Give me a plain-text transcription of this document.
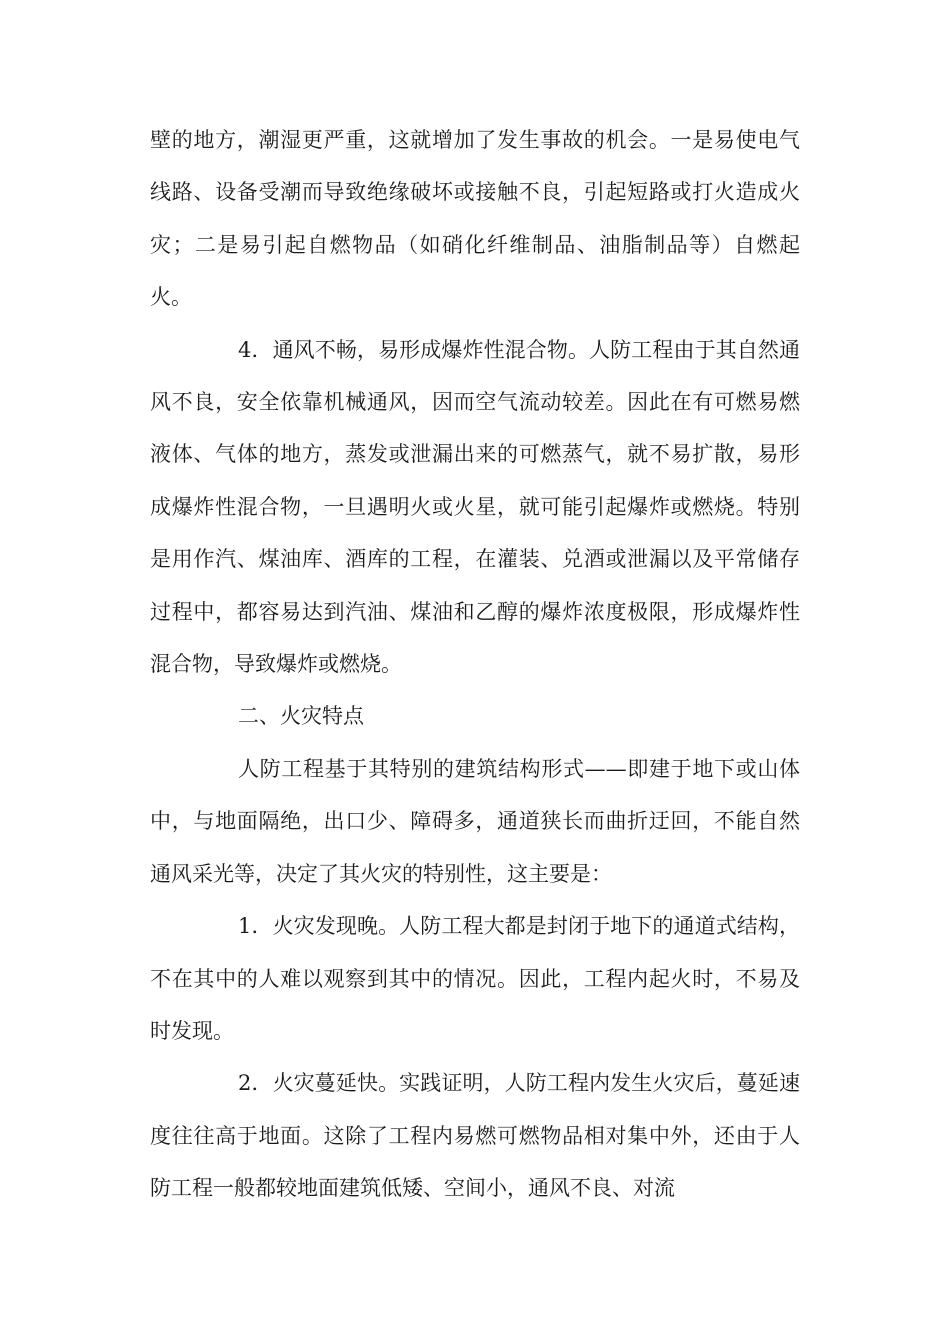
壁的地方，潮湿更严重，这就增加了发生事故的机会。一是易使电气线路、设备受潮而导致绝缘破坏或接触不良，引起短路或打火造成火灾；二是易引起自燃物品（如硝化纤维制品、油脂制品等）自燃起火。

4．通风不畅，易形成爆炸性混合物。人防工程由于其自然通风不良，安全依靠机械通风，因而空气流动较差。因此在有可燃易燃液体、气体的地方，蒸发或泄漏出来的可燃蒸气，就不易扩散，易形成爆炸性混合物，一旦遇明火或火星，就可能引起爆炸或燃烧。特别是用作汽、煤油库、酒库的工程，在灌装、兑酒或泄漏以及平常储存过程中，都容易达到汽油、煤油和乙醇的爆炸浓度极限，形成爆炸性混合物，导致爆炸或燃烧。

二、火灾特点

人防工程基于其特别的建筑结构形式——即建于地下或山体中，与地面隔绝，出口少、障碍多，通道狭长而曲折迂回，不能自然通风采光等，决定了其火灾的特别性，这主要是：

1．火灾发现晚。人防工程大都是封闭于地下的通道式结构，不在其中的人难以观察到其中的情况。因此，工程内起火时，不易及时发现。

2．火灾蔓延快。实践证明，人防工程内发生火灾后，蔓延速度往往高于地面。这除了工程内易燃可燃物品相对集中外，还由于人防工程一般都较地面建筑低矮、空间小，通风不良、对流
